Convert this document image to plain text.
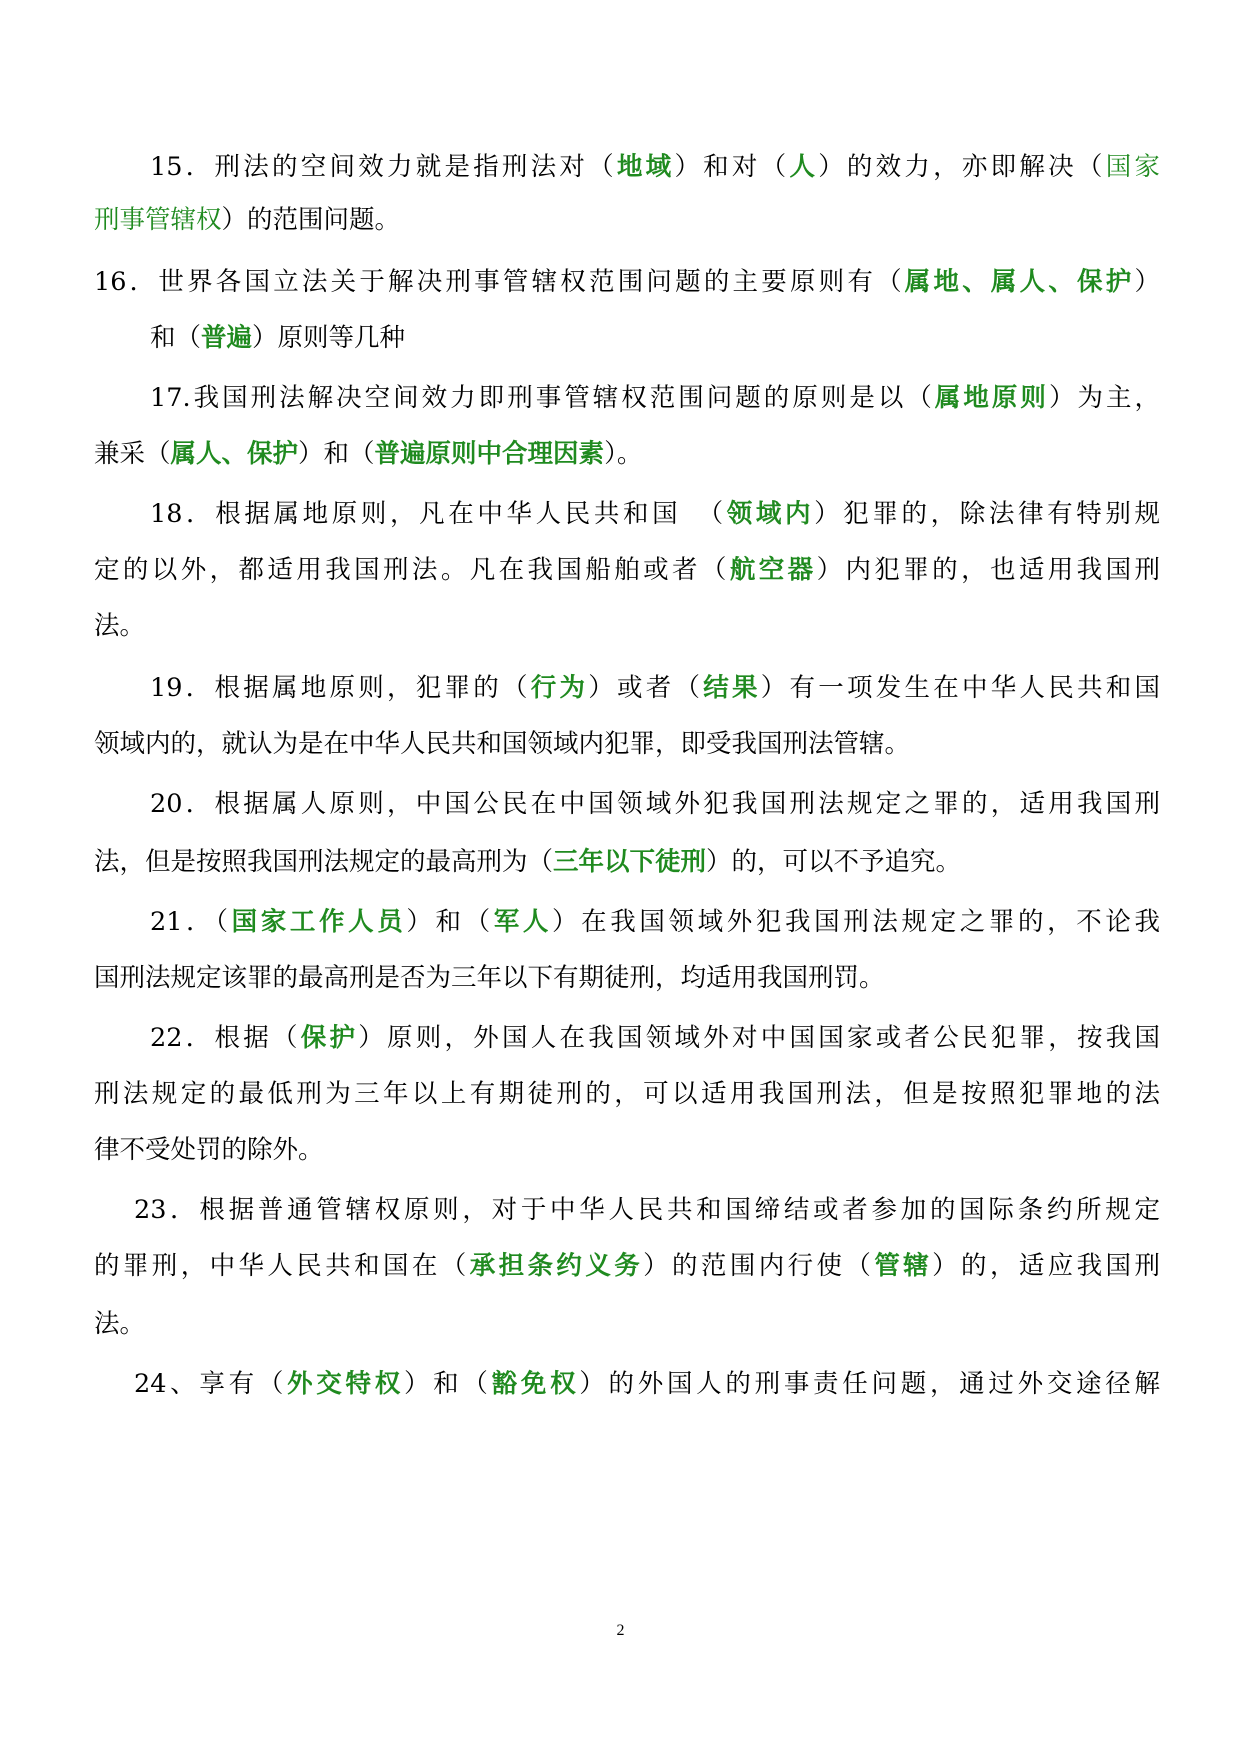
15．刑法的空间效力就是指刑法对（地域）和对（人）的效力，亦即解决（国家
刑事管辖权）的范围问题。
16．世界各国立法关于解决刑事管辖权范围问题的主要原则有（属地、属人、保护）
和（普遍）原则等几种
17.我国刑法解决空间效力即刑事管辖权范围问题的原则是以（属地原则）为主，
兼采（属人、保护）和（普遍原则中合理因素）。
18．根据属地原则，凡在中华人民共和国　（领域内）犯罪的，除法律有特别规
定的以外，都适用我国刑法。凡在我国船舶或者（航空器）内犯罪的，也适用我国刑
法。
19．根据属地原则，犯罪的（行为）或者（结果）有一项发生在中华人民共和国
领域内的，就认为是在中华人民共和国领域内犯罪，即受我国刑法管辖。
20．根据属人原则，中国公民在中国领域外犯我国刑法规定之罪的，适用我国刑
法，但是按照我国刑法规定的最高刑为（三年以下徒刑）的，可以不予追究。
21．（国家工作人员）和（军人）在我国领域外犯我国刑法规定之罪的，不论我
国刑法规定该罪的最高刑是否为三年以下有期徒刑，均适用我国刑罚。
22．根据（保护）原则，外国人在我国领域外对中国国家或者公民犯罪，按我国
刑法规定的最低刑为三年以上有期徒刑的，可以适用我国刑法，但是按照犯罪地的法
律不受处罚的除外。
23．根据普通管辖权原则，对于中华人民共和国缔结或者参加的国际条约所规定
的罪刑，中华人民共和国在（承担条约义务）的范围内行使（管辖）的，适应我国刑
法。
24、享有（外交特权）和（豁免权）的外国人的刑事责任问题，通过外交途径解
2
